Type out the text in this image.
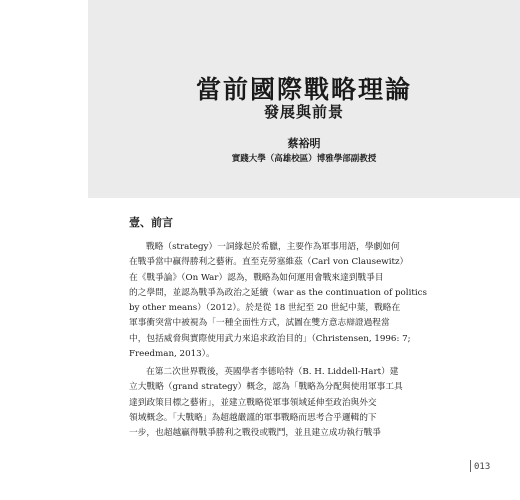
當前國際戰略理論
發展與前景

蔡裕明

實踐大學（高雄校區）博雅學部副教授

壹、前言
戰略（strategy）一詞緣起於希臘，主要作為軍事用語，學劇如何
在戰爭當中贏得勝利之藝術。直至克勞塞維茲（Carl von Clausewitz）
在《戰爭論》（On War）認為，戰略為如何運用會戰來達到戰爭目
的之學問，並認為戰爭為政治之延續（war as the continuation of politics
by other means）（2012）。於是從 18 世紀至 20 世紀中葉，戰略在
軍事衝突當中被視為「一種全面性方式，試圖在雙方意志辯證過程當
中，包括威脅與實際使用武力來追求政治目的」（Christensen, 1996: 7;
Freedman, 2013）。
在第二次世界戰後，英國學者李德哈特（B. H. Liddell-Hart）建
立大戰略（grand strategy）概念，認為「戰略為分配與使用軍事工具
達到政策目標之藝術」，並建立戰略從軍事領域延伸至政治與外交
領域概念。「大戰略」為超越嚴謹的軍事戰略而思考合乎邏輯的下
一步，也超越贏得戰爭勝利之戰役或戰鬥，並且建立成功執行戰爭
013
